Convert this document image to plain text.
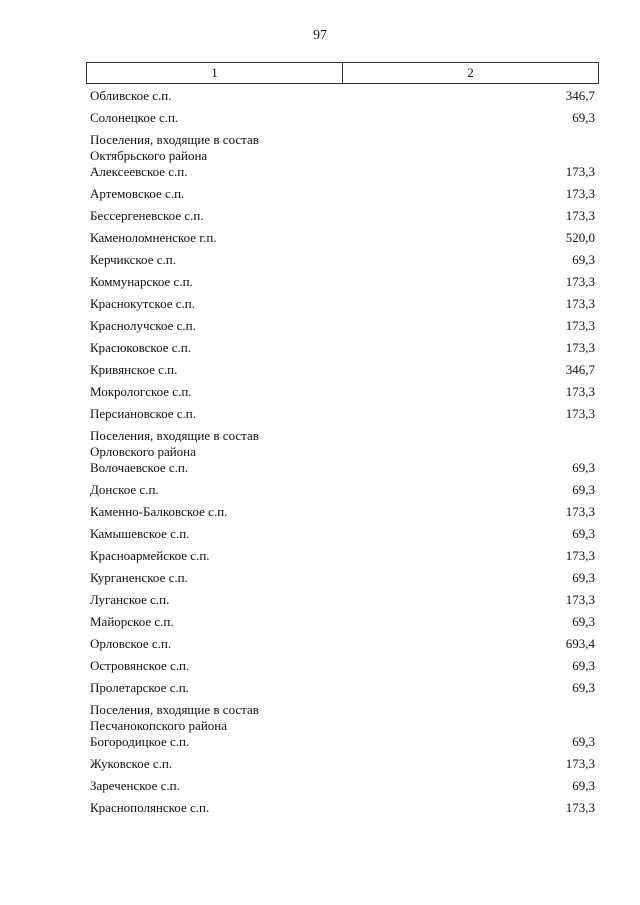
97
1	2
Обливское с.п.	346,7
Солонецкое с.п.	69,3
Поселения, входящие в состав
Октябрьского района
Алексеевское с.п.	173,3
Артемовское с.п.	173,3
Бессергеневское с.п.	173,3
Каменоломненское г.п.	520,0
Керчикское с.п.	69,3
Коммунарское с.п.	173,3
Краснокутское с.п.	173,3
Краснолучское с.п.	173,3
Красюковское с.п.	173,3
Кривянское с.п.	346,7
Мокрологское с.п.	173,3
Персиановское с.п.	173,3
Поселения, входящие в состав
Орловского района
Волочаевское с.п.	69,3
Донское с.п.	69,3
Каменно-Балковское с.п.	173,3
Камышевское с.п.	69,3
Красноармейское с.п.	173,3
Курганенское с.п.	69,3
Луганское с.п.	173,3
Майорское с.п.	69,3
Орловское с.п.	693,4
Островянское с.п.	69,3
Пролетарское с.п.	69,3
Поселения, входящие в состав
Песчанокопского района
Богородицкое с.п.	69,3
Жуковское с.п.	173,3
Зареченское с.п.	69,3
Краснополянское с.п.	173,3
